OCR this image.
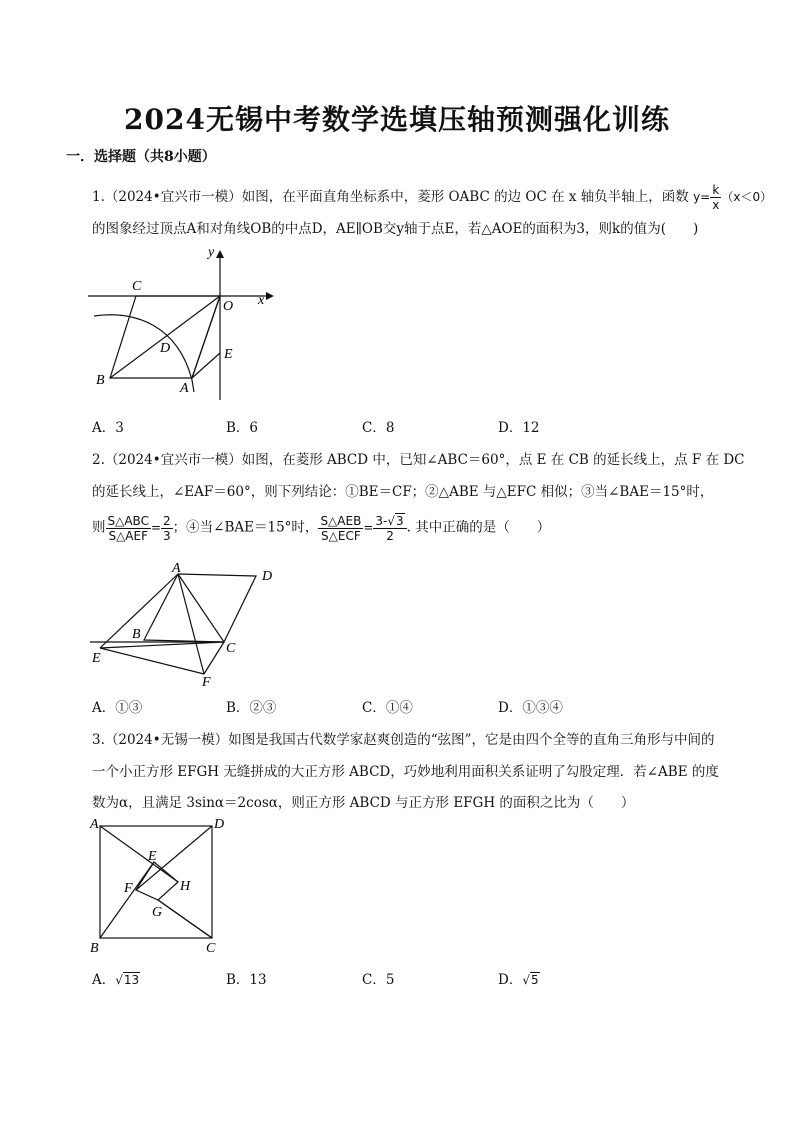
2024无锡中考数学选填压轴预测强化训练
一．选择题（共8小题）
1.（2024•宜兴市一模）如图，在平面直角坐标系中，菱形 OABC 的边 OC 在 x 轴负半轴上，函数 $y= \frac{k}{x} (x<0)$
的图象经过顶点A和对角线OB的中点D，AE∥OB交y轴于点E，若△AOE的面积为3，则k的值为(　　)
y
x
O
C
D	E
B
A
A．3	B．6	C．8	D．12
2.（2024•宜兴市一模）如图，在菱形 ABCD 中，已知∠ABC＝60°，点 E 在 CB 的延长线上，点 F 在 DC
的延长线上，∠EAF＝60°，则下列结论：①BE＝CF；②△ABE 与△EFC 相似；③当∠BAE＝15°时，
则 $\frac{\text{S△ABC}}{\text{S△AEF}} = \frac{2}{3}$ ；④当∠BAE＝15°时， $\frac{\text{S△AEB}}{\text{S△ECF}} = \frac{3-√3}{2}$ . 其中正确的是（　　）
A
D
B
C
E
F
A．①③	B．②③	C．①④	D．①③④
3.（2024•无锡一模）如图是我国古代数学家赵爽创造的“弦图”，它是由四个全等的直角三角形与中间的
一个小正方形 EFGH 无缝拼成的大正方形 ABCD，巧妙地利用面积关系证明了勾股定理．若∠ABE 的度
数为α，且满足 3sinα＝2cosα，则正方形 ABCD 与正方形 EFGH 的面积之比为（　　）
A	D
E
F	H
G
B	C
A．√13	B．13	C．5	D．√5
